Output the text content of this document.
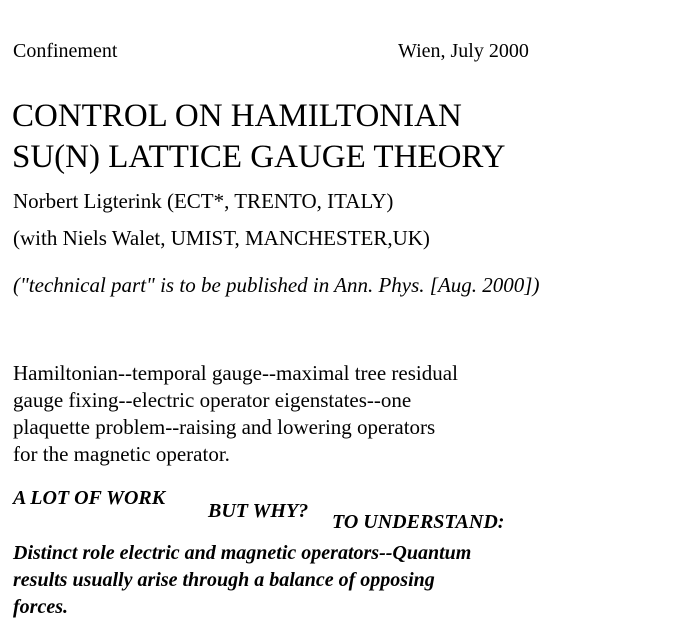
Confinement	Wien, July 2000
CONTROL ON HAMILTONIAN
SU(N) LATTICE GAUGE THEORY
Norbert Ligterink (ECT*, TRENTO, ITALY)
(with Niels Walet, UMIST, MANCHESTER,UK)
("technical part" is to be published in Ann. Phys. [Aug. 2000])
Hamiltonian--temporal gauge--maximal tree residual
gauge fixing--electric operator eigenstates--one
plaquette problem--raising and lowering operators
for the magnetic operator.
A LOT OF WORK
BUT WHY? TO UNDERSTAND:
Distinct role electric and magnetic operators--Quantum
results usually arise through a balance of opposing
forces.
